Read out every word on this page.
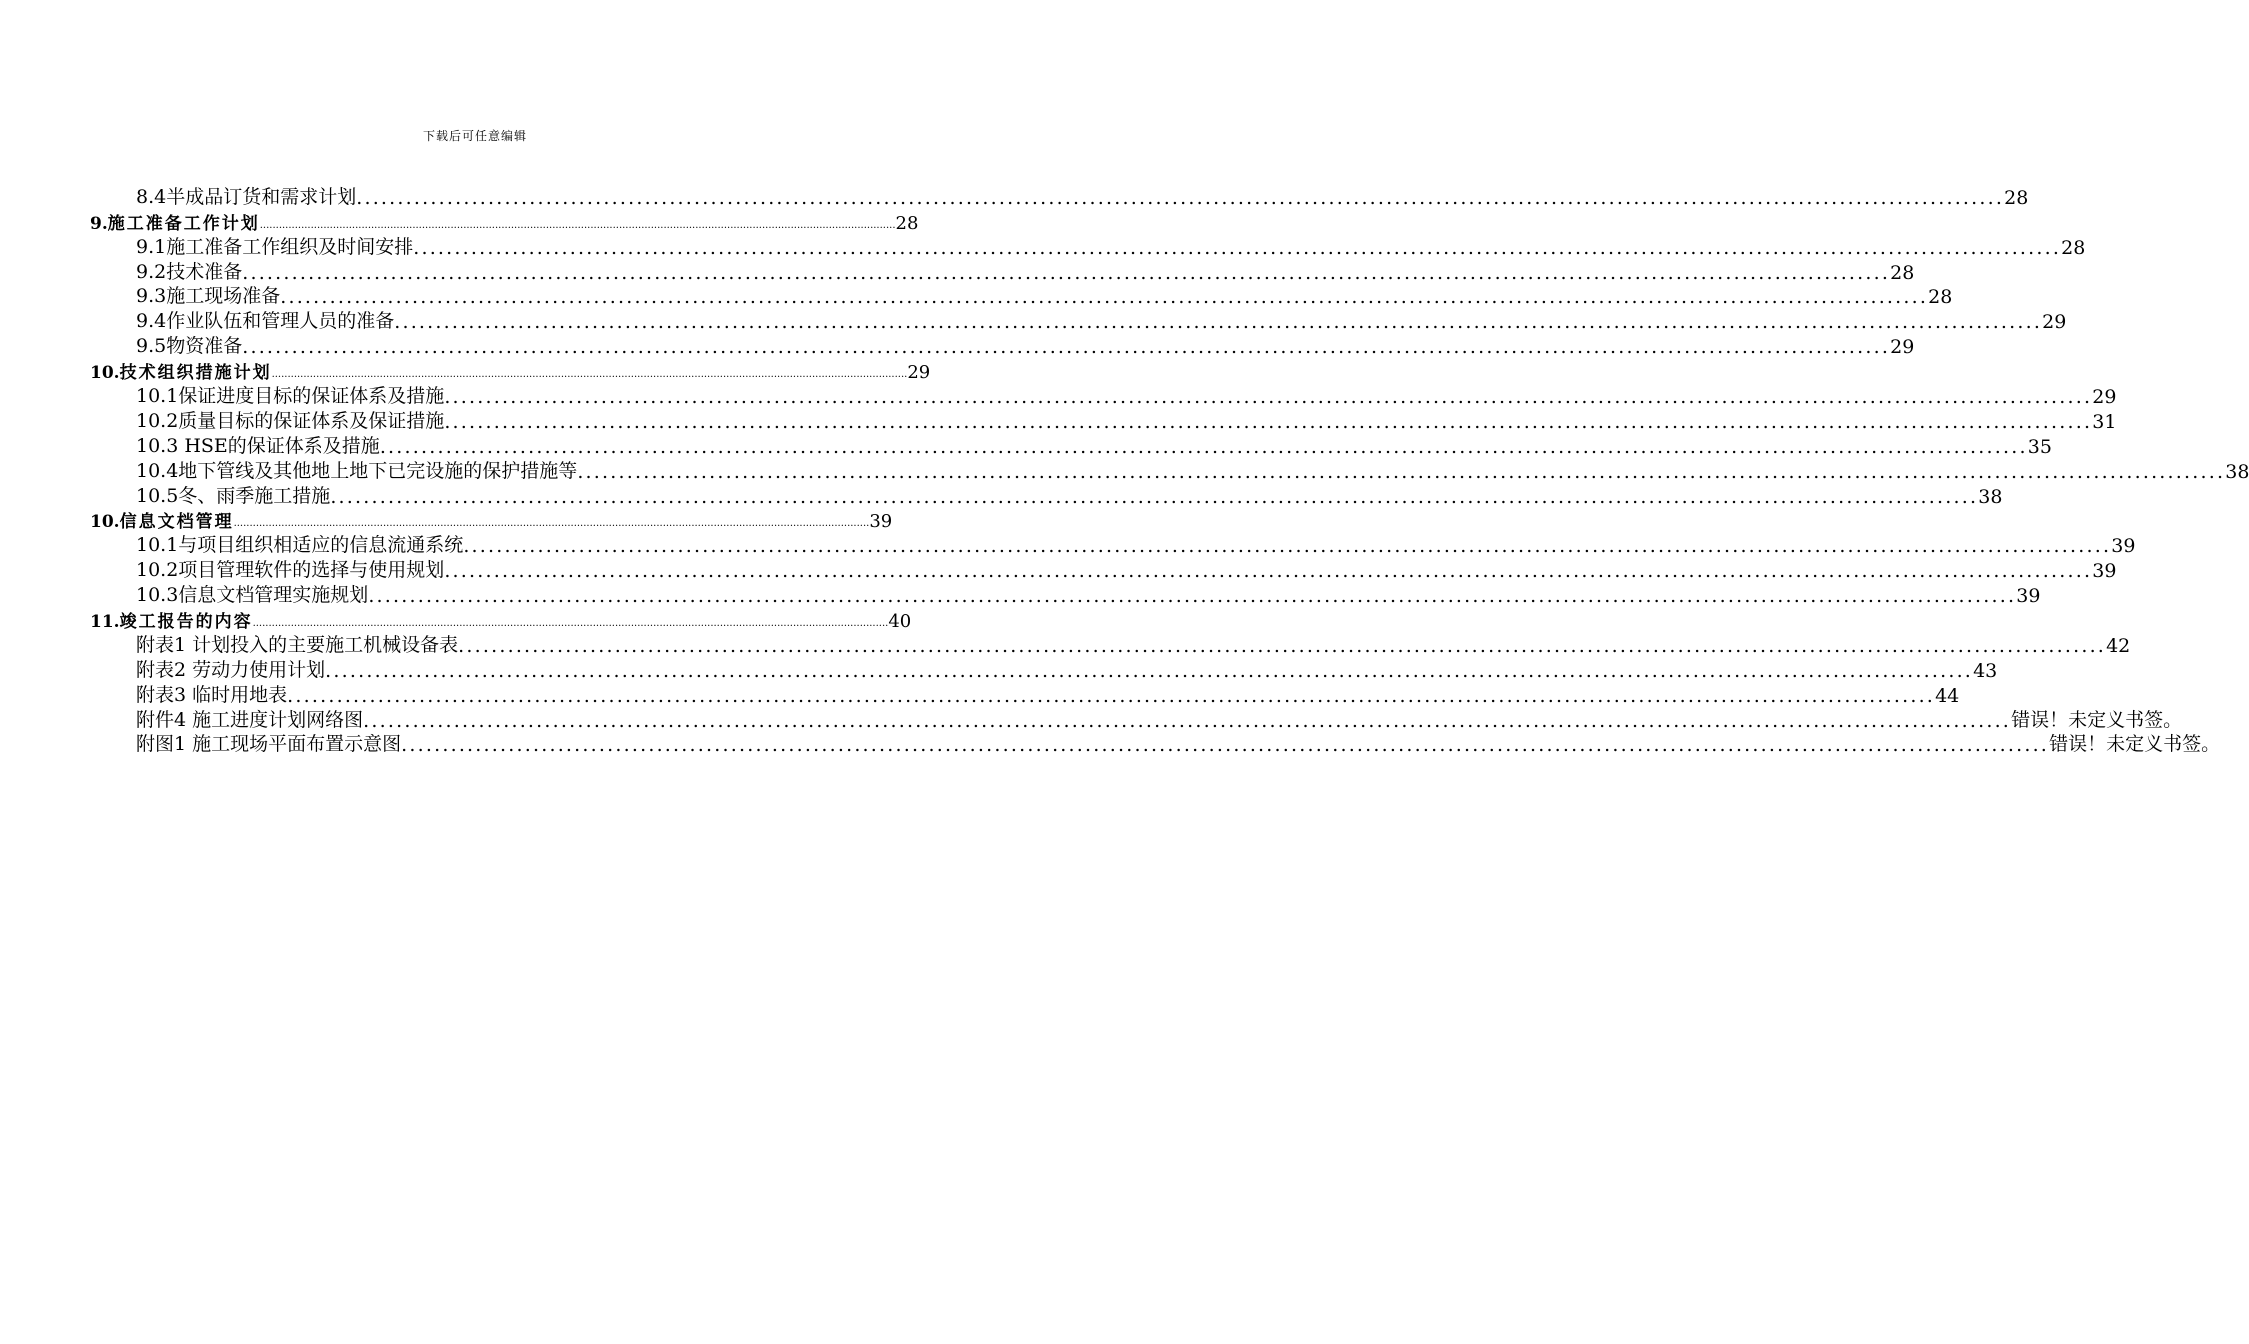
下载后可任意编辑
8.4半成品订货和需求计划 ........................................................................................................................................................................................................ 28
9. 施工准备工作计划 ........................................................................................................................................................................................................ 28
9.1施工准备工作组织及时间安排 ........................................................................................................................................................................................................ 28
9.2技术准备 ........................................................................................................................................................................................................ 28
9.3施工现场准备 ........................................................................................................................................................................................................ 28
9.4作业队伍和管理人员的准备 ........................................................................................................................................................................................................ 29
9.5物资准备 ........................................................................................................................................................................................................ 29
10. 技术组织措施计划 ........................................................................................................................................................................................................ 29
10.1保证进度目标的保证体系及措施 ........................................................................................................................................................................................................ 29
10.2质量目标的保证体系及保证措施 ........................................................................................................................................................................................................ 31
10.3 HSE的保证体系及措施 ........................................................................................................................................................................................................ 35
10.4地下管线及其他地上地下已完设施的保护措施等 ........................................................................................................................................................................................................ 38
10.5冬、雨季施工措施 ........................................................................................................................................................................................................ 38
10. 信息文档管理 ........................................................................................................................................................................................................ 39
10.1与项目组织相适应的信息流通系统 ........................................................................................................................................................................................................ 39
10.2项目管理软件的选择与使用规划 ........................................................................................................................................................................................................ 39
10.3信息文档管理实施规划 ........................................................................................................................................................................................................ 39
11. 竣工报告的内容 ........................................................................................................................................................................................................ 40
附表1 计划投入的主要施工机械设备表 ........................................................................................................................................................................................................ 42
附表2 劳动力使用计划 ........................................................................................................................................................................................................ 43
附表3 临时用地表 ........................................................................................................................................................................................................ 44
附件4 施工进度计划网络图 ........................................................................................................................................................................................................ 错误！未定义书签。
附图1 施工现场平面布置示意图 ........................................................................................................................................................................................................ 错误！未定义书签。
